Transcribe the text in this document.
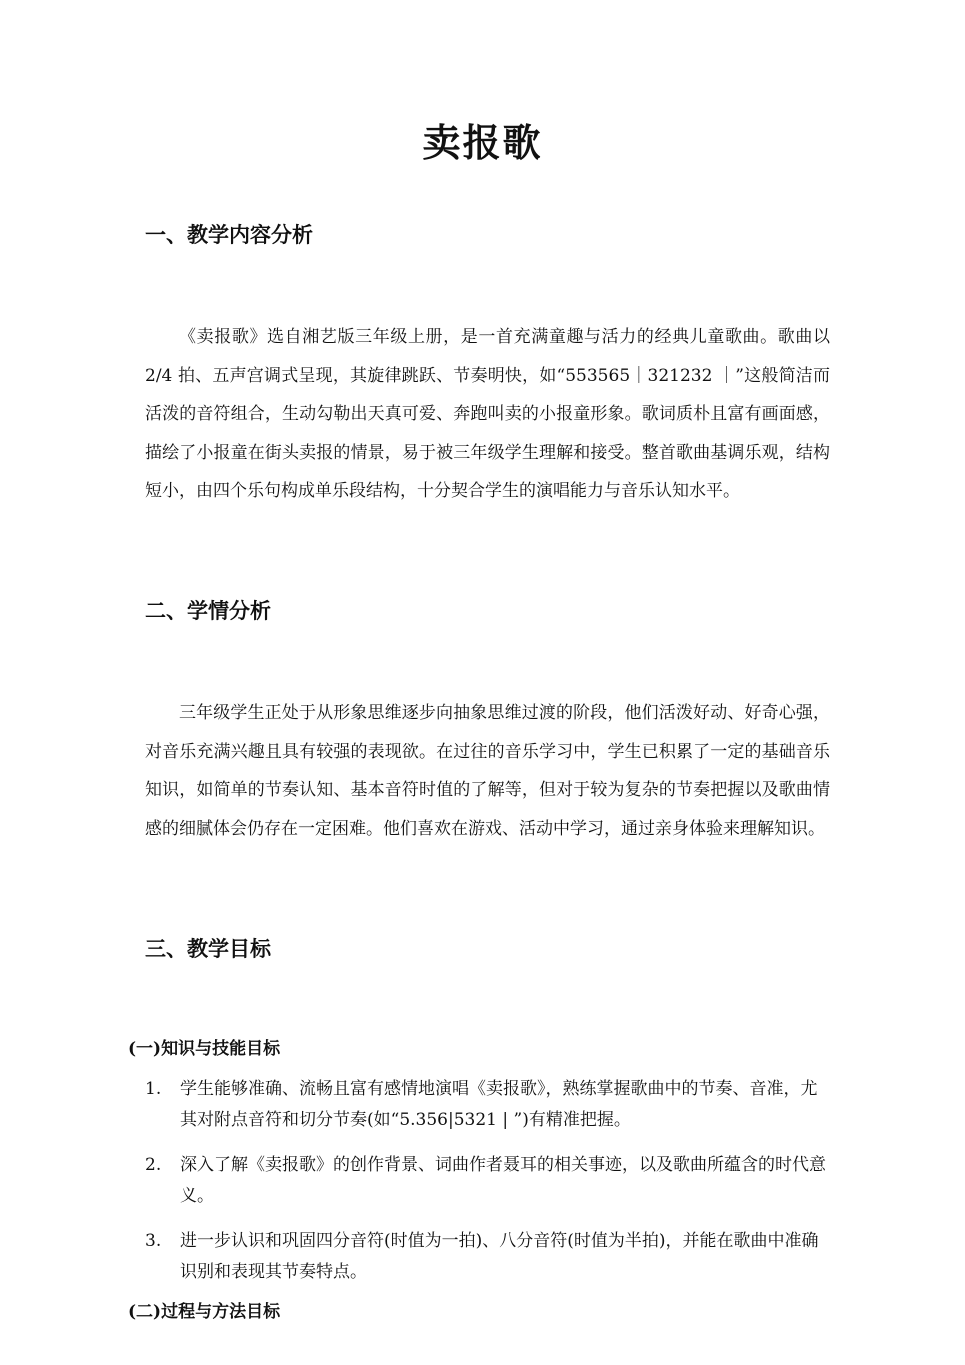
卖报歌
一、教学内容分析

《卖报歌》选自湘艺版三年级上册，是一首充满童趣与活力的经典儿童歌曲。歌曲以2/4 拍、五声宫调式呈现，其旋律跳跃、节奏明快，如“553565｜321232 ｜”这般简洁而活泼的音符组合，生动勾勒出天真可爱、奔跑叫卖的小报童形象。歌词质朴且富有画面感，描绘了小报童在街头卖报的情景，易于被三年级学生理解和接受。整首歌曲基调乐观，结构短小，由四个乐句构成单乐段结构，十分契合学生的演唱能力与音乐认知水平。

二、学情分析

三年级学生正处于从形象思维逐步向抽象思维过渡的阶段，他们活泼好动、好奇心强，对音乐充满兴趣且具有较强的表现欲。在过往的音乐学习中，学生已积累了一定的基础音乐知识，如简单的节奏认知、基本音符时值的了解等，但对于较为复杂的节奏把握以及歌曲情感的细腻体会仍存在一定困难。他们喜欢在游戏、活动中学习，通过亲身体验来理解知识。

三、教学目标
(一)知识与技能目标
1.	学生能够准确、流畅且富有感情地演唱《卖报歌》，熟练掌握歌曲中的节奏、音准，尤其对附点音符和切分节奏(如“5.356|5321 | ”)有精准把握。
2.	深入了解《卖报歌》的创作背景、词曲作者聂耳的相关事迹，以及歌曲所蕴含的时代意义。
3.	进一步认识和巩固四分音符(时值为一拍)、八分音符(时值为半拍)，并能在歌曲中准确识别和表现其节奏特点。
(二)过程与方法目标
